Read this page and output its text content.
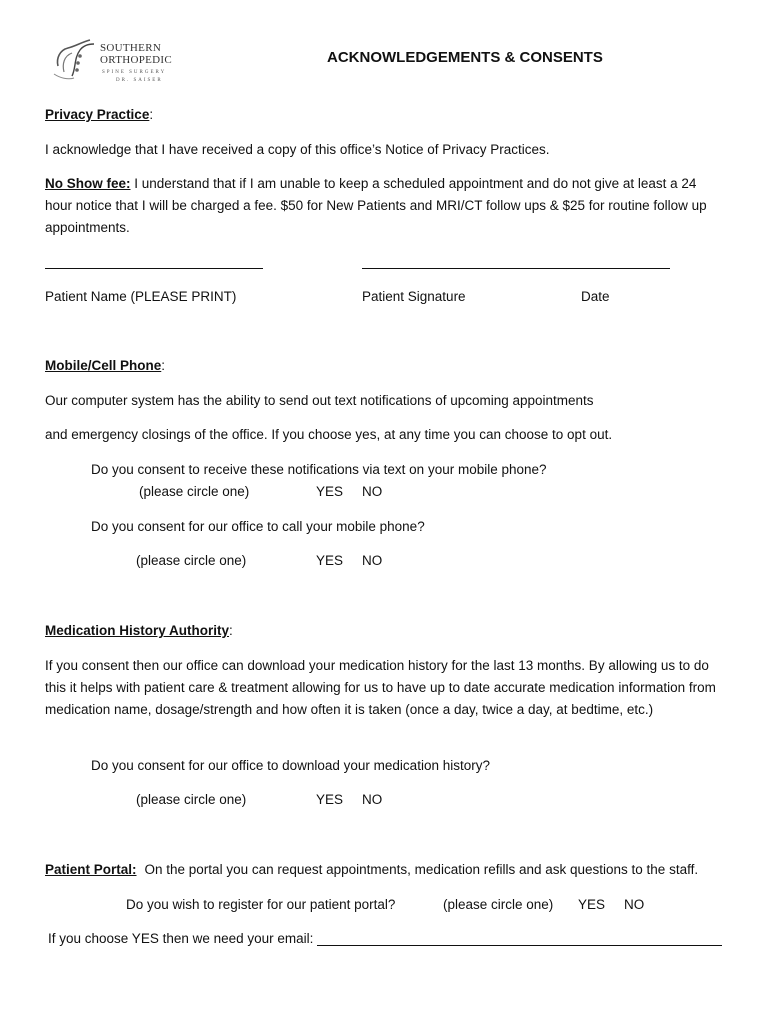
SOUTHERN
ORTHOPEDIC
SPINE SURGERY
DR. SAISER
ACKNOWLEDGEMENTS & CONSENTS
Privacy Practice:
I acknowledge that I have received a copy of this office’s Notice of Privacy Practices.
No Show fee: I understand that if I am unable to keep a scheduled appointment and do not give at least a 24 hour notice that I will be charged a fee. $50 for New Patients and MRI/CT follow ups & $25 for routine follow up appointments.
Patient Name (PLEASE PRINT)	Patient Signature	Date
Mobile/Cell Phone:
Our computer system has the ability to send out text notifications of upcoming appointments
and emergency closings of the office. If you choose yes, at any time you can choose to opt out.
Do you consent to receive these notifications via text on your mobile phone?
(please circle one)	YES NO
Do you consent for our office to call your mobile phone?
(please circle one)	YES NO
Medication History Authority:
If you consent then our office can download your medication history for the last 13 months. By allowing us to do this it helps with patient care & treatment allowing for us to have up to date accurate medication information from medication name, dosage/strength and how often it is taken (once a day, twice a day, at bedtime, etc.)
Do you consent for our office to download your medication history?
(please circle one)	YES NO
Patient Portal: On the portal you can request appointments, medication refills and ask questions to the staff.
Do you wish to register for our patient portal?	(please circle one) YES NO
If you choose YES then we need your email:
